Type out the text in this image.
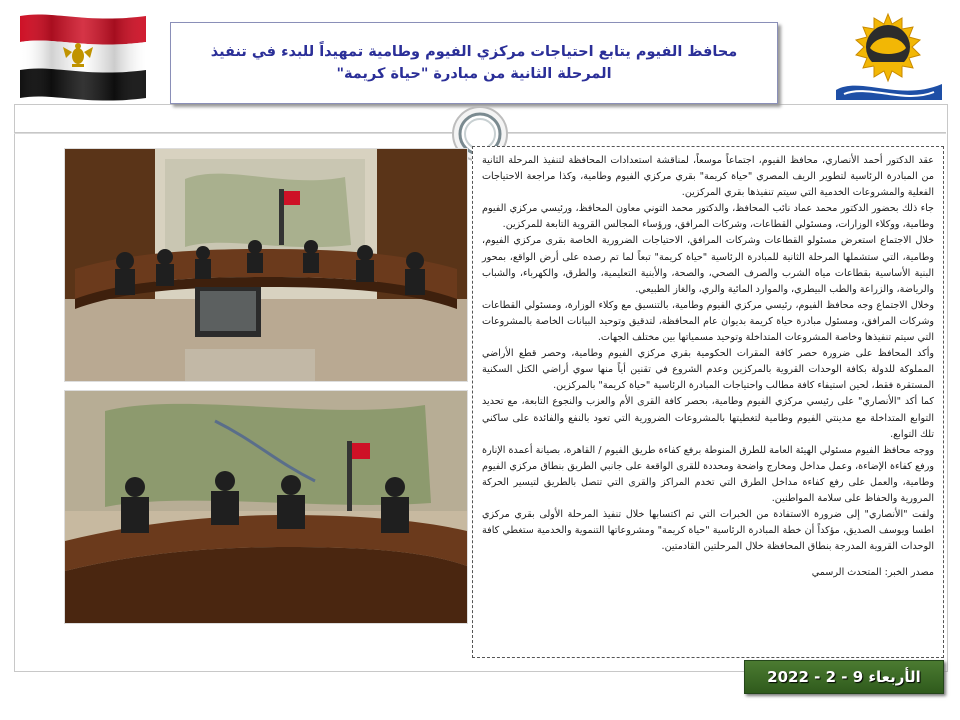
محافظ الفيوم يتابع احتياجات مركزي الفيوم وطامية تمهيداً للبدء في تنفيذ المرحلة الثانية من مبادرة "حياة كريمة"

عقد الدكتور أحمد الأنصاري، محافظ الفيوم، اجتماعاً موسعاً، لمناقشة استعدادات المحافظة لتنفيذ المرحلة الثانية من المبادرة الرئاسية لتطوير الريف المصري "حياة كريمة" بقري مركزي الفيوم وطامية، وكذا مراجعة الاحتياجات الفعلية والمشروعات الخدمية التي سيتم تنفيذها بقري المركزين.

جاء ذلك بحضور الدكتور محمد عماد نائب المحافظ، والدكتور محمد التوني معاون المحافظ، ورئيسي مركزي الفيوم وطامية، ووكلاء الوزارات، ومسئولي القطاعات، وشركات المرافق، ورؤساء المجالس القروية التابعة للمركزين.

خلال الاجتماع استعرض مسئولو القطاعات وشركات المرافق، الاحتياجات الضرورية الخاصة بقرى مركزي الفيوم، وطامية، التي ستشملها المرحلة الثانية للمبادرة الرئاسية "حياة كريمة" تبعاً لما تم رصده على أرض الواقع، بمحور البنية الأساسية بقطاعات مياه الشرب والصرف الصحي، والصحة، والأبنية التعليمية، والطرق، والكهرباء، والشباب والرياضة، والزراعة والطب البيطري، والموارد المائية والري، والغاز الطبيعي.

وخلال الاجتماع وجه محافظ الفيوم، رئيسي مركزي الفيوم وطامية، بالتنسيق مع وكلاء الوزارة، ومسئولي القطاعات وشركات المرافق، ومسئول مبادرة حياة كريمة بديوان عام المحافظة، لتدقيق وتوحيد البيانات الخاصة بالمشروعات التي سيتم تنفيذها وخاصة المشروعات المتداخلة وتوحيد مسمياتها بين مختلف الجهات.

وأكد المحافظ على ضرورة حصر كافة المقرات الحكومية بقري مركزي الفيوم وطامية، وحصر قطع الأراضي المملوكة للدولة بكافة الوحدات القروية بالمركزين وعدم الشروع في تقنين أياً منها سوي أراضي الكتل السكنية المستقرة فقط، لحين استيفاء كافة مطالب واحتياجات المبادرة الرئاسية "حياة كريمة" بالمركزين.

كما أكد "الأنصاري" على رئيسي مركزي الفيوم وطامية، بحصر كافة القرى الأم والعزب والنجوع التابعة، مع تحديد التوابع المتداخلة مع مدينتي الفيوم وطامية لتغطيتها بالمشروعات الضرورية التي تعود بالنفع والفائدة على ساكني تلك التوابع.

ووجه محافظ الفيوم مسئولي الهيئة العامة للطرق المنوطة برفع كفاءة طريق الفيوم / القاهرة، بصيانة أعمدة الإنارة ورفع كفاءة الإضاءة، وعمل مداخل ومخارج واضحة ومحددة للقرى الواقعة على جانبي الطريق بنطاق مركزي الفيوم وطامية، والعمل على رفع كفاءة مداخل الطرق التي تخدم المراكز والقرى التي تتصل بالطريق لتيسير الحركة المرورية والحفاظ على سلامة المواطنين.

ولفت "الأنصاري" إلى ضرورة الاستفادة من الخبرات التي تم اكتسابها خلال تنفيذ المرحلة الأولى بقري مركزي اطسا ويوسف الصديق، مؤكداً أن خطة المبادرة الرئاسية "حياة كريمة" ومشروعاتها التنموية والخدمية ستغطي كافة الوحدات القروية المدرجة بنطاق المحافظة خلال المرحلتين القادمتين.

مصدر الخبر: المتحدث الرسمي
الأربعاء 9 - 2 - 2022
